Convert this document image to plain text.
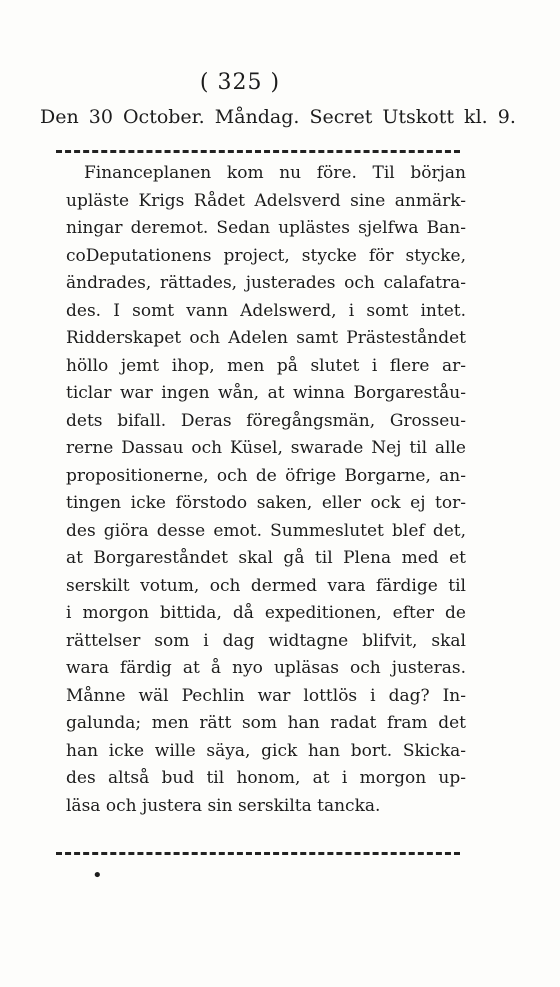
( 325 )
Den 30 October. Måndag. Secret Utskott kl. 9.
Financeplanen kom nu före. Til början
upläste Krigs Rådet Adelsverd sine anmärk-
ningar deremot. Sedan uplästes sjelfwa Ban-
coDeputationens project, stycke för stycke,
ändrades, rättades, justerades och calafatra-
des. I somt vann Adelswerd, i somt intet.
Ridderskapet och Adelen samt Prästeståndet
höllo jemt ihop, men på slutet i flere ar-
ticlar war ingen wån, at winna Borgareståu-
dets bifall. Deras föregångsmän, Grosseu-
rerne Dassau och Küsel, swarade Nej til alle
propositionerne, och de öfrige Borgarne, an-
tingen icke förstodo saken, eller ock ej tor-
des giöra desse emot. Summeslutet blef det,
at Borgareståndet skal gå til Plena med et
serskilt votum, och dermed vara färdige til
i morgon bittida, då expeditionen, efter de
rättelser som i dag widtagne blifvit, skal
wara färdig at å nyo upläsas och justeras.
Månne wäl Pechlin war lottlös i dag? In-
galunda; men rätt som han radat fram det
han icke wille säya, gick han bort. Skicka-
des altså bud til honom, at i morgon up-
läsa och justera sin serskilta tancka.
•
